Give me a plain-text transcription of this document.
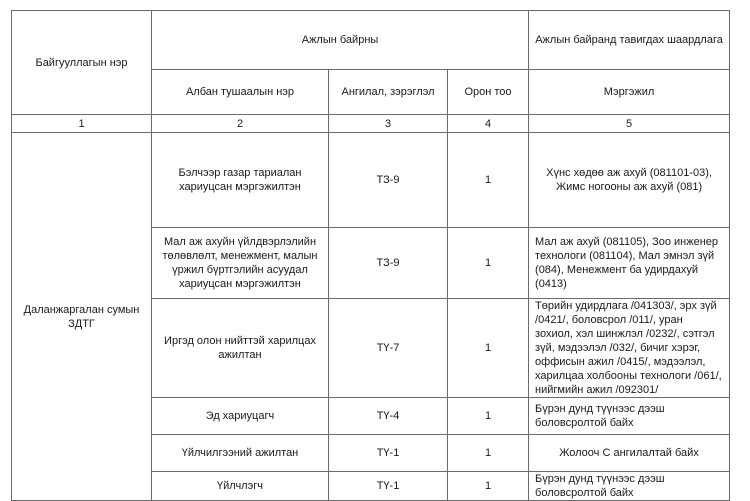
Байгууллагын нэр	Ажлын байрны			Ажлын байранд тавигдах шаардлага
	Албан тушаалын нэр	Ангилал, зэрэглэл	Орон тоо	Мэргэжил
1	2	3	4	5
Даланжаргалан сумын ЗДТГ	Бэлчээр газар тариалан хариуцсан мэргэжилтэн	ТЗ-9	1	Хүнс хөдөө аж ахуй (081101-03), Жимс ногооны аж ахуй (081)
	Мал аж ахуйн үйлдвэрлэлийн төлөвлөлт, менежмент, малын үржил бүртгэлийн асуудал хариуцсан мэргэжилтэн	ТЗ-9	1	Мал аж ахуй (081105), Зоо инженер технологи (081104), Мал эмнэл зүй (084), Менежмент ба удирдахуй (0413)
	Иргэд олон нийттэй харилцах ажилтан	ТҮ-7	1	Төрийн удирдлага /041303/, эрх зүй /0421/, боловсрол /011/, уран зохиол, хэл шинжлэл /0232/, сэтгэл зүй, мэдээлэл /032/, бичиг хэрэг, оффисын ажил /0415/, мэдээлэл, харилцаа холбооны технологи /061/, нийгмийн ажил /092301/
	Эд хариуцагч	ТҮ-4	1	Бүрэн дунд түүнээс дээш боловсролтой байх
	Үйлчилгээний ажилтан	ТҮ-1	1	Жолооч С ангилалтай байх
	Үйлчлэгч	ТҮ-1	1	Бүрэн дунд түүнээс дээш боловсролтой байх
